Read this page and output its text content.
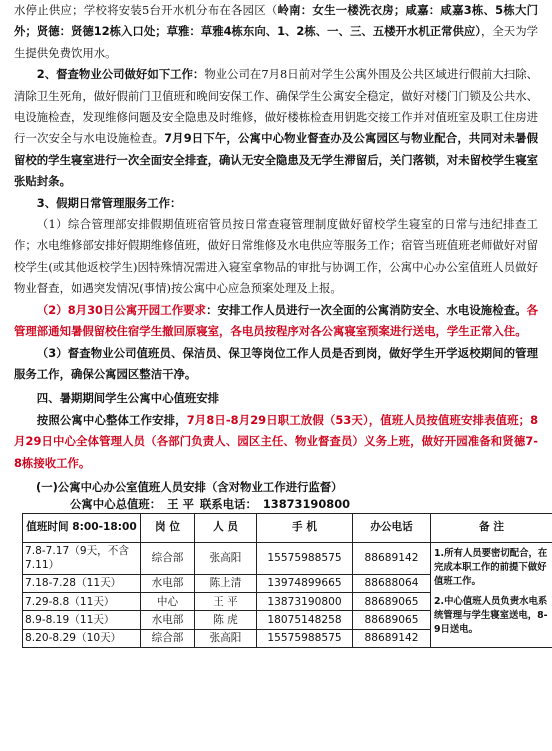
水停止供应；学校将安装5台开水机分布在各园区（岭南：女生一楼洗衣房；咸嘉：咸嘉3栋、5栋大门外；贤德：贤德12栋入口处；草雅：草雅4栋东向、1、2栋、一、三、五楼开水机正常供应），全天为学生提供免费饮用水。

2、督查物业公司做好如下工作：物业公司在7月8日前对学生公寓外围及公共区域进行假前大扫除、清除卫生死角，做好假前门卫值班和晚间安保工作、确保学生公寓安全稳定，做好对楼门门锁及公共水、电设施检查，发现维修问题及安全隐患及时维修，做好楼栋检查用钥匙交接工作并对值班室及职工住房进行一次安全与水电设施检查。7月9日下午，公寓中心物业督查办及公寓园区与物业配合，共同对未暑假留校的学生寝室进行一次全面安全排查，确认无安全隐患及无学生滞留后，关门落锁，对未留校学生寝室张贴封条。

3、假期日常管理服务工作：

（1）综合管理部安排假期值班宿管员按日常查寝管理制度做好留校学生寝室的日常与违纪排查工作；水电维修部安排好假期维修值班，做好日常维修及水电供应等服务工作；宿管当班值班老师做好对留校学生(或其他返校学生)因特殊情况需进入寝室拿物品的审批与协调工作，公寓中心办公室值班人员做好物业督查，如遇突发情况(事情)按公寓中心应急预案处理及上报。

（2）8月30日公寓开园工作要求：安排工作人员进行一次全面的公寓消防安全、水电设施检查。各管理部通知暑假留校住宿学生撤回原寝室，各电员按程序对各公寓寝室预案进行送电，学生正常入住。

（3）督查物业公司值班员、保洁员、保卫等岗位工作人员是否到岗，做好学生开学返校期间的管理服务工作，确保公寓园区整洁干净。

四、暑期期间学生公寓中心值班安排

按照公寓中心整体工作安排，7月8日-8月29日职工放假（53天），值班人员按值班安排表值班；8月29日中心全体管理人员（各部门负责人、园区主任、物业督查员）义务上班，做好开园准备和贤德7-8栋接收工作。

(一)公寓中心办公室值班人员安排（含对物业工作进行监督）
公寓中心总值班： 王 平 联系电话： 13873190800
值班时间 8:00-18:00	岗 位	人 员	手 机	办公电话	备 注
7.8-7.17（9天，不含7.11）	综合部	张高阳	15575988575	88689142	1.所有人员要密切配合，在完成本职工作的前提下做好值班工作。

2.中心值班人员负责水电系统管理与学生寝室送电，8-9日送电。

7.18-7.28（11天）	水电部	陈上清	13974899665	88688064	
7.29-8.8（11天）	中心	王 平	13873190800	88689065	
8.9-8.19（11天）	水电部	陈 虎	18075148258	88689065	
8.20-8.29（10天）	综合部	张高阳	15575988575	88689142	
